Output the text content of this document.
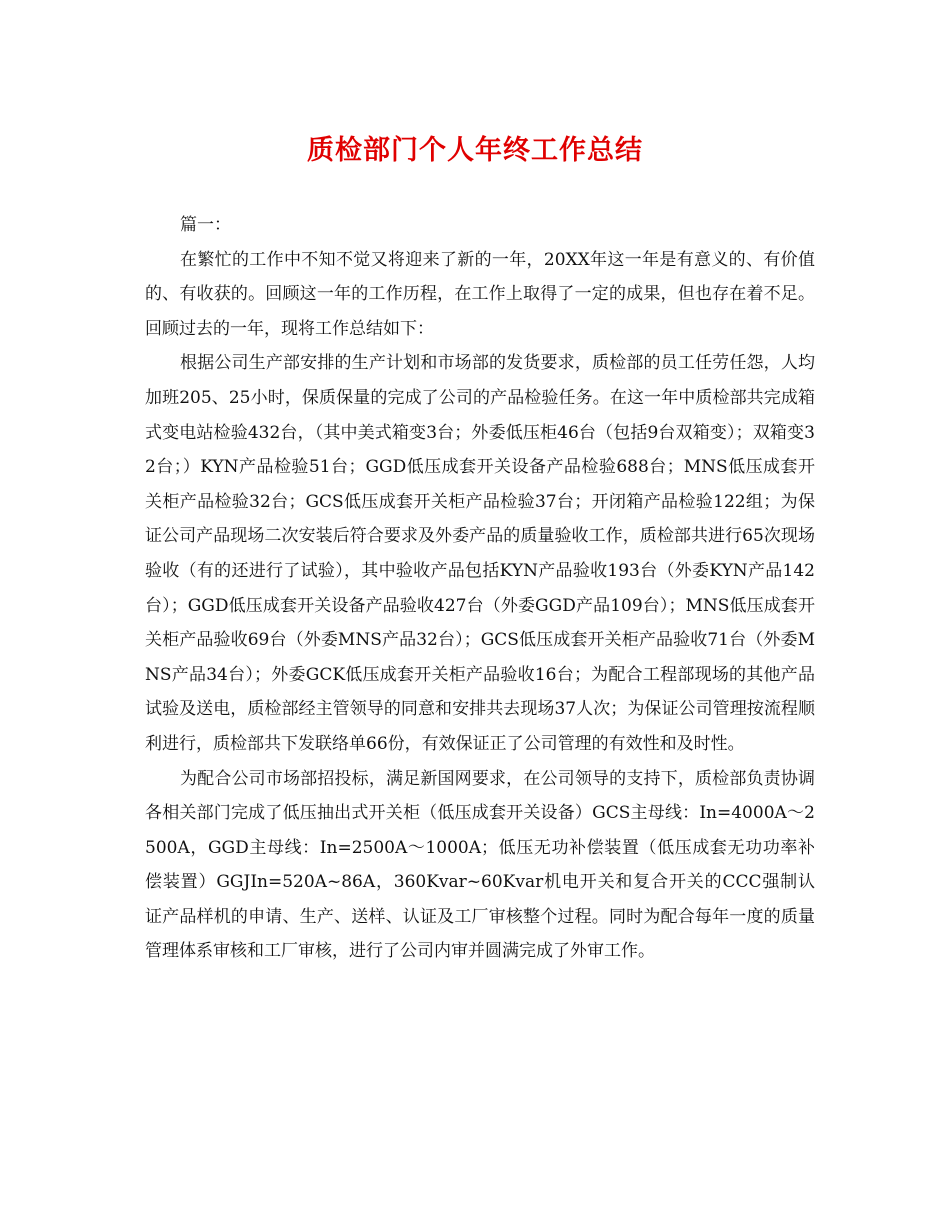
质检部门个人年终工作总结

篇一：

在繁忙的工作中不知不觉又将迎来了新的一年，20XX年这一年是有意义的、有价值的、有收获的。回顾这一年的工作历程，在工作上取得了一定的成果，但也存在着不足。回顾过去的一年，现将工作总结如下：

根据公司生产部安排的生产计划和市场部的发货要求，质检部的员工任劳任怨，人均加班205、25小时，保质保量的完成了公司的产品检验任务。在这一年中质检部共完成箱式变电站检验432台，（其中美式箱变3台；外委低压柜46台（包括9台双箱变）；双箱变32台；）KYN产品检验51台；GGD低压成套开关设备产品检验688台；MNS低压成套开关柜产品检验32台；GCS低压成套开关柜产品检验37台；开闭箱产品检验122组；为保证公司产品现场二次安装后符合要求及外委产品的质量验收工作，质检部共进行65次现场验收（有的还进行了试验），其中验收产品包括KYN产品验收193台（外委KYN产品142台）；GGD低压成套开关设备产品验收427台（外委GGD产品109台）；MNS低压成套开关柜产品验收69台（外委MNS产品32台）；GCS低压成套开关柜产品验收71台（外委MNS产品34台）；外委GCK低压成套开关柜产品验收16台；为配合工程部现场的其他产品试验及送电，质检部经主管领导的同意和安排共去现场37人次；为保证公司管理按流程顺利进行，质检部共下发联络单66份，有效保证正了公司管理的有效性和及时性。

为配合公司市场部招投标，满足新国网要求，在公司领导的支持下，质检部负责协调各相关部门完成了低压抽出式开关柜（低压成套开关设备）GCS主母线：In=4000A～2500A，GGD主母线：In=2500A～1000A；低压无功补偿装置（低压成套无功功率补偿装置）GGJIn=520A~86A，360Kvar~60Kvar机电开关和复合开关的CCC强制认证产品样机的申请、生产、送样、认证及工厂审核整个过程。同时为配合每年一度的质量管理体系审核和工厂审核，进行了公司内审并圆满完成了外审工作。
